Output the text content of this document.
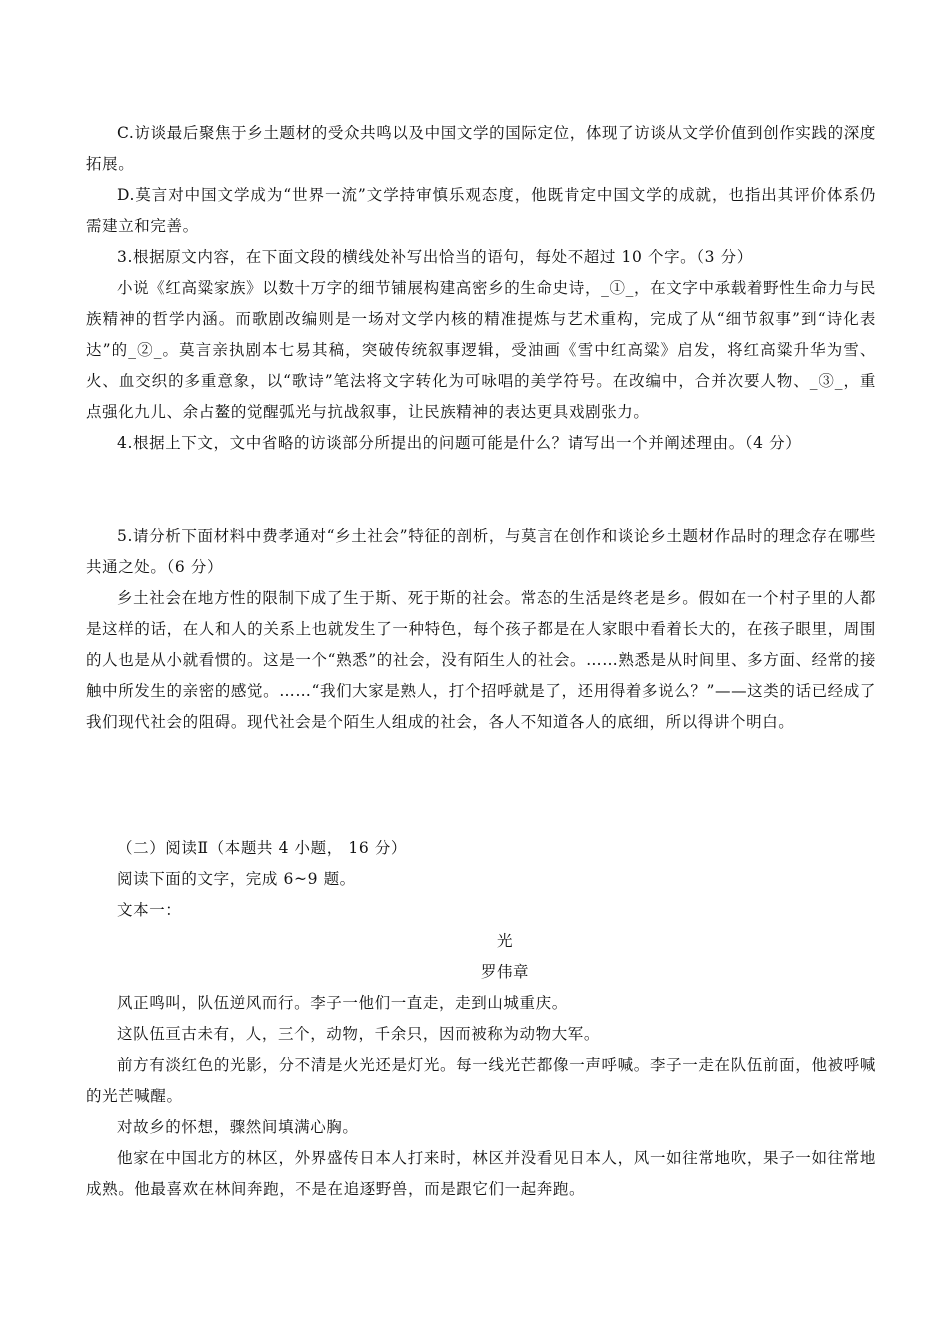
C.访谈最后聚焦于乡土题材的受众共鸣以及中国文学的国际定位，体现了访谈从文学价值到创作实践的深度拓展。

D.莫言对中国文学成为“世界一流”文学持审慎乐观态度，他既肯定中国文学的成就，也指出其评价体系仍需建立和完善。

3.根据原文内容，在下面文段的横线处补写出恰当的语句，每处不超过 10 个字。（3 分）

小说《红高粱家族》以数十万字的细节铺展构建高密乡的生命史诗，_①_，在文字中承载着野性生命力与民族精神的哲学内涵。而歌剧改编则是一场对文学内核的精准提炼与艺术重构，完成了从“细节叙事”到“诗化表达”的_②_。莫言亲执剧本七易其稿，突破传统叙事逻辑，受油画《雪中红高粱》启发，将红高粱升华为雪、火、血交织的多重意象，以“歌诗”笔法将文字转化为可咏唱的美学符号。在改编中，合并次要人物、_③_，重点强化九儿、余占鳌的觉醒弧光与抗战叙事，让民族精神的表达更具戏剧张力。

4.根据上下文，文中省略的访谈部分所提出的问题可能是什么？请写出一个并阐述理由。（4 分）

5.请分析下面材料中费孝通对“乡土社会”特征的剖析，与莫言在创作和谈论乡土题材作品时的理念存在哪些共通之处。（6 分）

乡土社会在地方性的限制下成了生于斯、死于斯的社会。常态的生活是终老是乡。假如在一个村子里的人都是这样的话，在人和人的关系上也就发生了一种特色，每个孩子都是在人家眼中看着长大的，在孩子眼里，周围的人也是从小就看惯的。这是一个“熟悉”的社会，没有陌生人的社会。……熟悉是从时间里、多方面、经常的接触中所发生的亲密的感觉。……“我们大家是熟人，打个招呼就是了，还用得着多说么？”——这类的话已经成了我们现代社会的阻碍。现代社会是个陌生人组成的社会，各人不知道各人的底细，所以得讲个明白。

（二）阅读Ⅱ（本题共 4 小题， 16 分）

阅读下面的文字，完成 6~9 题。

文本一：

光

罗伟章

风正鸣叫，队伍逆风而行。李子一他们一直走，走到山城重庆。

这队伍亘古未有，人，三个，动物，千余只，因而被称为动物大军。

前方有淡红色的光影，分不清是火光还是灯光。每一线光芒都像一声呼喊。李子一走在队伍前面，他被呼喊的光芒喊醒。

对故乡的怀想，骤然间填满心胸。

他家在中国北方的林区，外界盛传日本人打来时，林区并没看见日本人，风一如往常地吹，果子一如往常地成熟。他最喜欢在林间奔跑，不是在追逐野兽，而是跟它们一起奔跑。
